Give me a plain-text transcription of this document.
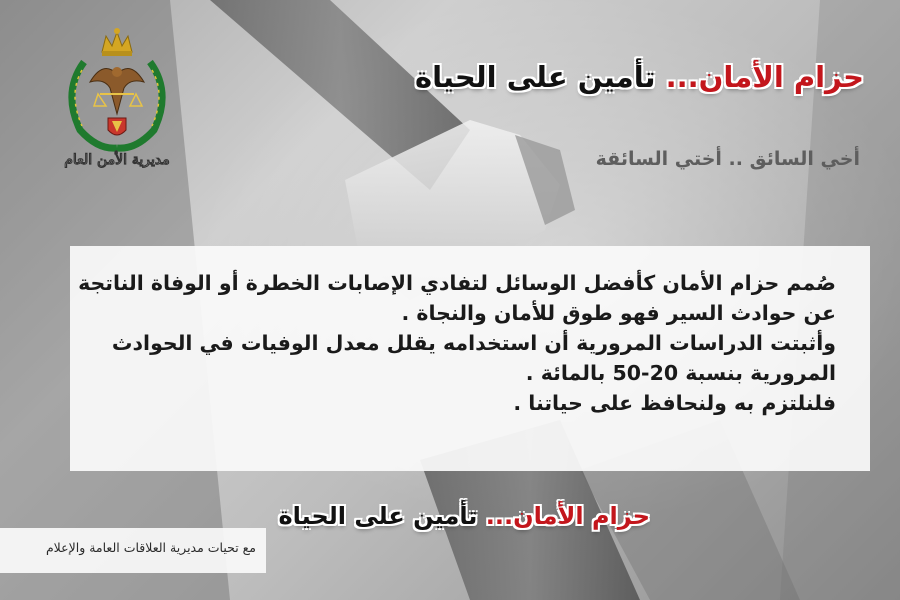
مديرية الأمن العام
حزام الأمان... تأمين على الحياة

أخي السائق .. أختي السائقة

صُمم حزام الأمان كأفضل الوسائل لتفادي الإصابات الخطرة أو الوفاة الناتجة
عن حوادث السير فهو طوق للأمان والنجاة .
وأثبتت الدراسات المرورية أن استخدامه يقلل معدل الوفيات في الحوادث
المرورية بنسبة 20-50 بالمائة .
فلنلتزم به ولنحافظ على حياتنا .

حزام الأمان... تأمين على الحياة
مع تحيات مديرية العلاقات العامة والإعلام
